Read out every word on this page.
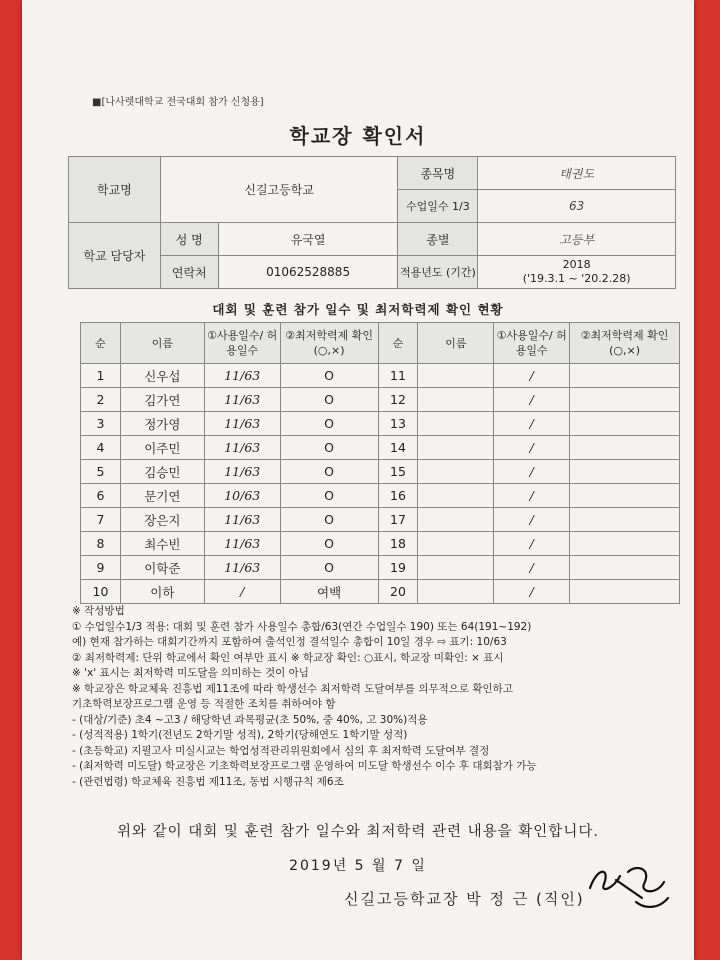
■[나사렛대학교 전국대회 참가 신청용]
학교장 확인서
학교명	신길고등학교		종목명	태권도
			수업일수 1/3	63
학교 담당자	성 명	유국열	종별	고등부
	연락처	01062528885	적용년도 (기간)	2018
('19.3.1 ~ '20.2.28)
대회 및 훈련 참가 일수 및 최저학력제 확인 현황
순	이름	①사용일수/ 허용일수	②최저학력제 확인(○,×)	순	이름	①사용일수/ 허용일수	②최저학력제 확인(○,×)
1	신우섭	11/63	O	11		/	
2	김가연	11/63	O	12		/	
3	정가영	11/63	O	13		/	
4	이주민	11/63	O	14		/	
5	김승민	11/63	O	15		/	
6	문기연	10/63	O	16		/	
7	장은지	11/63	O	17		/	
8	최수빈	11/63	O	18		/	
9	이학준	11/63	O	19		/	
10	이하	/	여백	20		/	
※ 작성방법
① 수업일수1/3 적용: 대회 및 훈련 참가 사용일수 총합/63(연간 수업일수 190) 또는 64(191~192)
예) 현재 참가하는 대회기간까지 포함하여 출석인정 결석일수 총합이 10일 경우 ⇨ 표기: 10/63
② 최저학력제: 단위 학교에서 확인 여부만 표시 ※ 학교장 확인: ○표시, 학교장 미확인: × 표시
※ 'x' 표시는 최저학력 미도달을 의미하는 것이 아님
※ 학교장은 학교체육 진흥법 제11조에 따라 학생선수 최저학력 도달여부를 의무적으로 확인하고
기초학력보장프로그램 운영 등 적절한 조치를 취하여야 함
- (대상/기준) 초4 ~고3 / 해당학년 과목평균(초 50%, 중 40%, 고 30%)적용
- (성적적용) 1학기(전년도 2학기말 성적), 2학기(당해연도 1학기말 성적)
- (초등학교) 지필고사 미실시교는 학업성적관리위원회에서 심의 후 최저학력 도달여부 결정
- (최저학력 미도달) 학교장은 기초학력보장프로그램 운영하여 미도달 학생선수 이수 후 대회참가 가능
- (관련법령) 학교체육 진흥법 제11조, 동법 시행규칙 제6조
위와 같이 대회 및 훈련 참가 일수와 최저학력 관련 내용을 확인합니다.
2019년 5 월 7 일
신길고등학교장 박 정 근 (직인)
